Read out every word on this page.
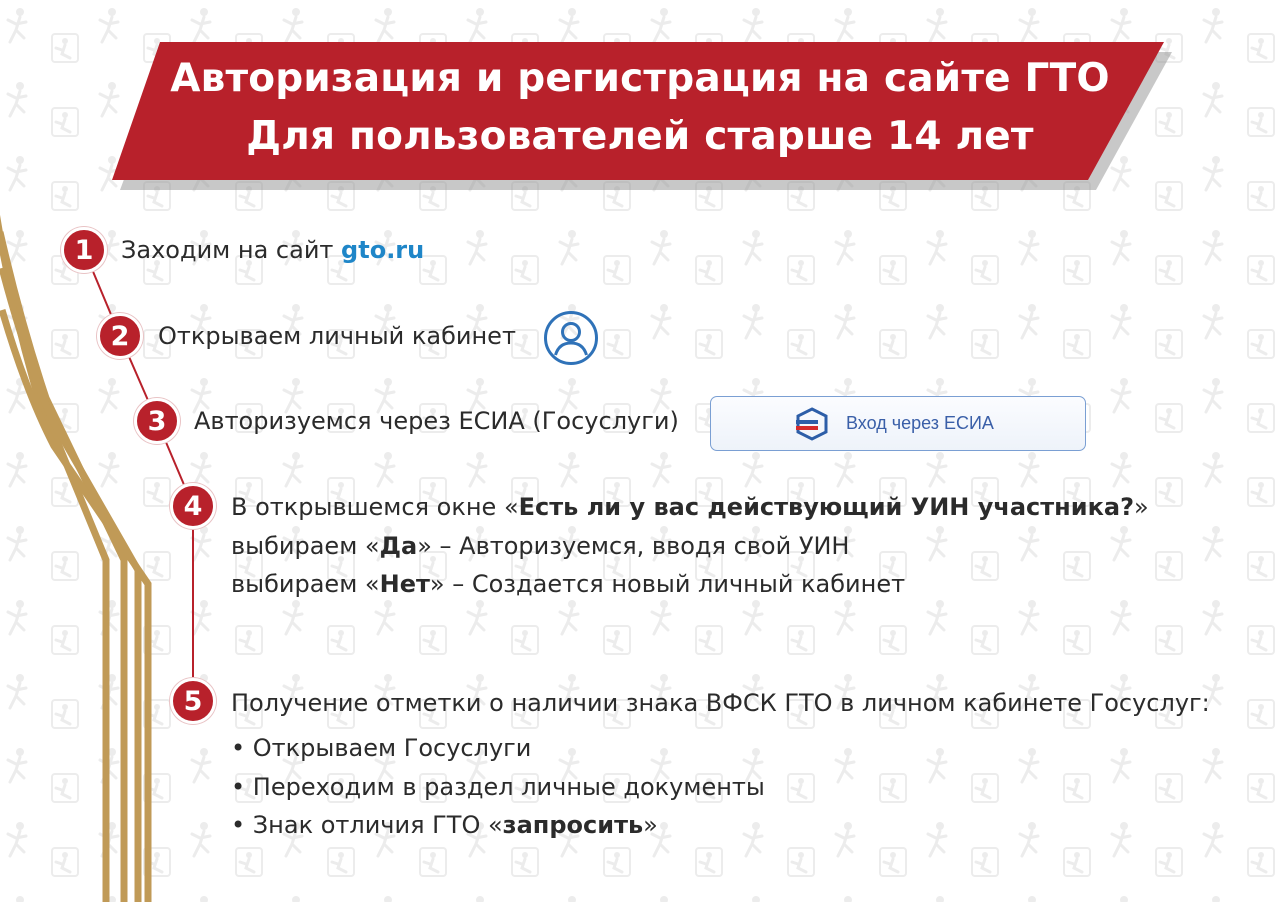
Авторизация и регистрация на сайте ГТО
Для пользователей старше 14 лет
1	Заходим на сайт gto.ru
2	Открываем личный кабинет
3	Авторизуемся через ЕСИА (Госуслуги)	Вход через ЕСИА
4	В открывшемся окне «Есть ли у вас действующий УИН участника?»
выбираем «Да» – Авторизуемся, вводя свой УИН
выбираем «Нет» – Создается новый личный кабинет
5	Получение отметки о наличии знака ВФСК ГТО в личном кабинете Госуслуг:
• Открываем Госуслуги
• Переходим в раздел личные документы
• Знак отличия ГТО «запросить»
